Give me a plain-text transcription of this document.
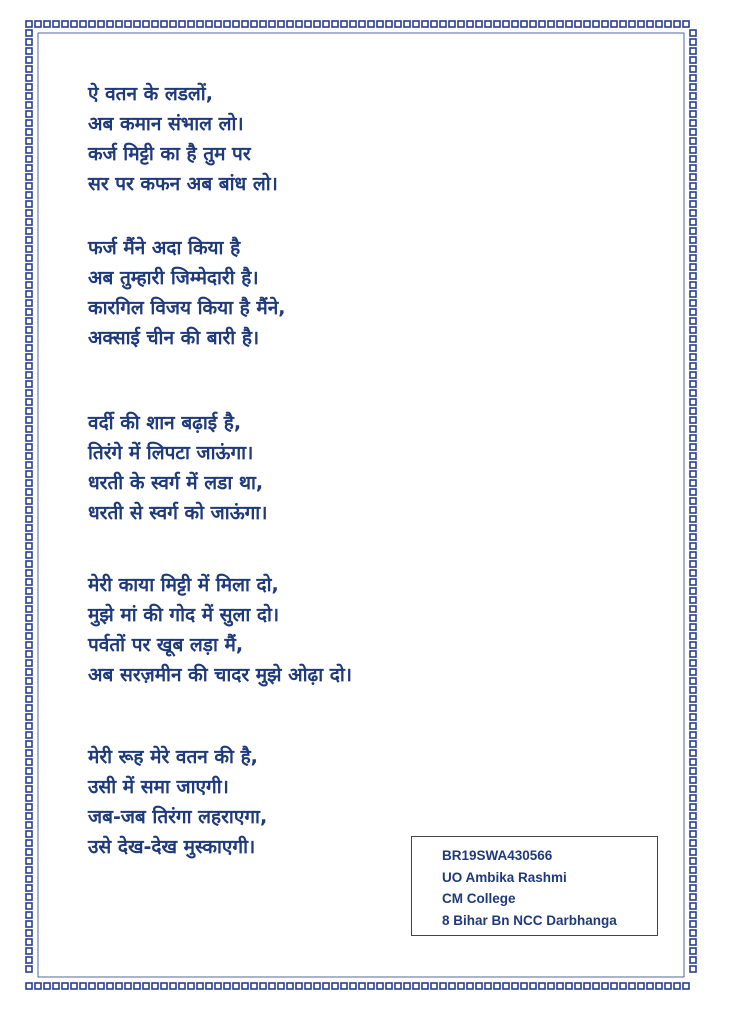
ऐ वतन के लडलों,
अब कमान संभाल लो।
कर्ज मिट्टी का है तुम पर
सर पर कफन अब बांध लो।
फर्ज मैंने अदा किया है
अब तुम्हारी जिम्मेदारी है।
कारगिल विजय किया है मैंने,
अक्साई चीन की बारी है।
वर्दी की शान बढ़ाई है,
तिरंगे में लिपटा जाऊंगा।
धरती के स्वर्ग में लडा था,
धरती से स्वर्ग को जाऊंगा।
मेरी काया मिट्टी में मिला दो,
मुझे मां की गोद में सुला दो।
पर्वतों पर खूब लड़ा मैं,
अब सरज़मीन की चादर मुझे ओढ़ा दो।
मेरी रूह मेरे वतन की है,
उसी में समा जाएगी।
जब-जब तिरंगा लहराएगा,
उसे देख-देख मुस्काएगी।	BR19SWA430566
UO Ambika Rashmi
CM College
8 Bihar Bn NCC Darbhanga
